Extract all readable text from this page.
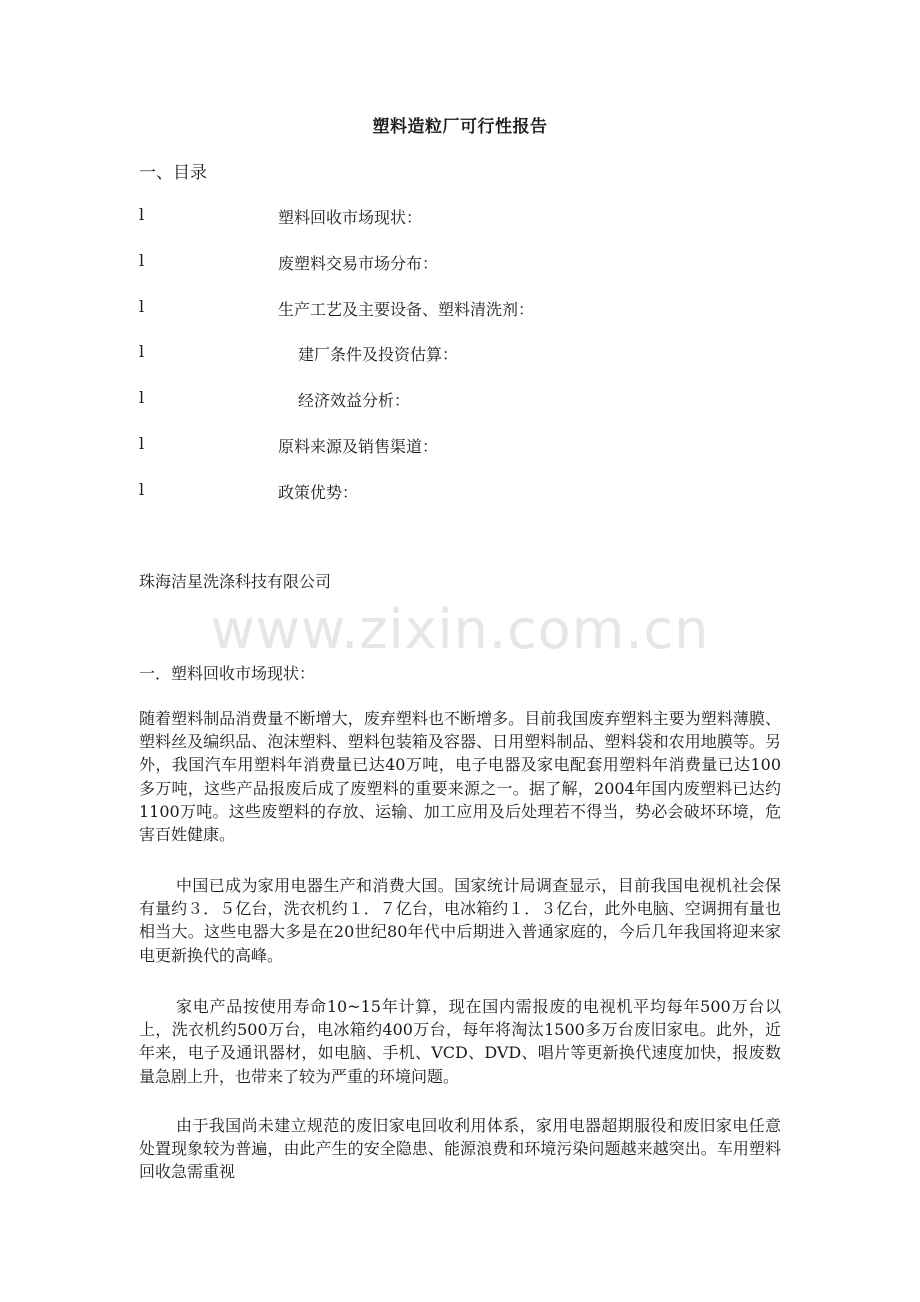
塑料造粒厂可行性报告
一、目录
l	塑料回收市场现状：
l	废塑料交易市场分布：
l	生产工艺及主要设备、塑料清洗剂：
l	建厂条件及投资估算：
l	经济效益分析：
l	原料来源及销售渠道：
l	政策优势：
珠海洁星洗涤科技有限公司
www.zixin.com.cn
一．塑料回收市场现状：

随着塑料制品消费量不断增大，废弃塑料也不断增多。目前我国废弃塑料主要为塑料薄膜、塑料丝及编织品、泡沫塑料、塑料包装箱及容器、日用塑料制品、塑料袋和农用地膜等。另外，我国汽车用塑料年消费量已达40万吨，电子电器及家电配套用塑料年消费量已达100多万吨，这些产品报废后成了废塑料的重要来源之一。据了解，2004年国内废塑料已达约1100万吨。这些废塑料的存放、运输、加工应用及后处理若不得当，势必会破坏环境，危害百姓健康。

中国已成为家用电器生产和消费大国。国家统计局调查显示，目前我国电视机社会保有量约３．５亿台，洗衣机约１．７亿台，电冰箱约１．３亿台，此外电脑、空调拥有量也相当大。这些电器大多是在20世纪80年代中后期进入普通家庭的，今后几年我国将迎来家电更新换代的高峰。

家电产品按使用寿命10~15年计算，现在国内需报废的电视机平均每年500万台以上，洗衣机约500万台，电冰箱约400万台，每年将淘汰1500多万台废旧家电。此外，近年来，电子及通讯器材，如电脑、手机、VCD、DVD、唱片等更新换代速度加快，报废数量急剧上升，也带来了较为严重的环境问题。

由于我国尚未建立规范的废旧家电回收利用体系，家用电器超期服役和废旧家电任意处置现象较为普遍，由此产生的安全隐患、能源浪费和环境污染问题越来越突出。车用塑料回收急需重视
